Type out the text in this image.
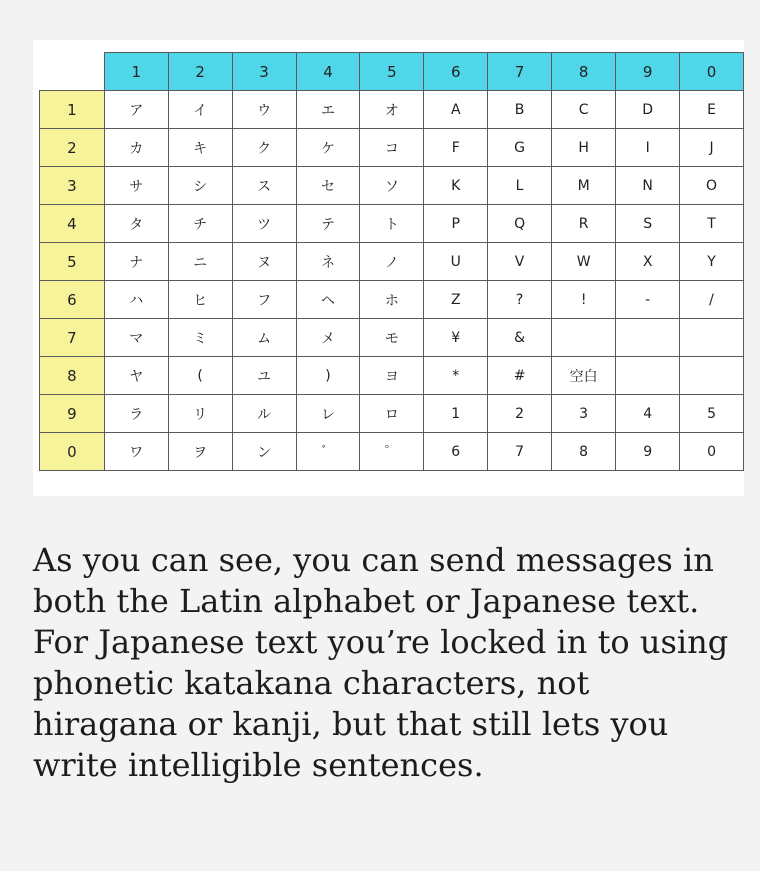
	1	2	3	4	5	6	7	8	9	0
1	ア	イ	ウ	エ	オ	A	B	C	D	E
2	カ	キ	ク	ケ	コ	F	G	H	I	J
3	サ	シ	ス	セ	ソ	K	L	M	N	O
4	タ	チ	ツ	テ	ト	P	Q	R	S	T
5	ナ	ニ	ヌ	ネ	ノ	U	V	W	X	Y
6	ハ	ヒ	フ	ヘ	ホ	Z	?	!	-	/
7	マ	ミ	ム	メ	モ	¥	&			
8	ヤ	(	ユ	)	ヨ	*	#	空白		
9	ラ	リ	ル	レ	ロ	1	2	3	4	5
0	ワ	ヲ	ン	゛	゜	6	7	8	9	0

As you can see, you can send messages in both the Latin alphabet or Japanese text. For Japanese text you’re locked in to using phonetic katakana characters, not hiragana or kanji, but that still lets you write intelligible sentences.
